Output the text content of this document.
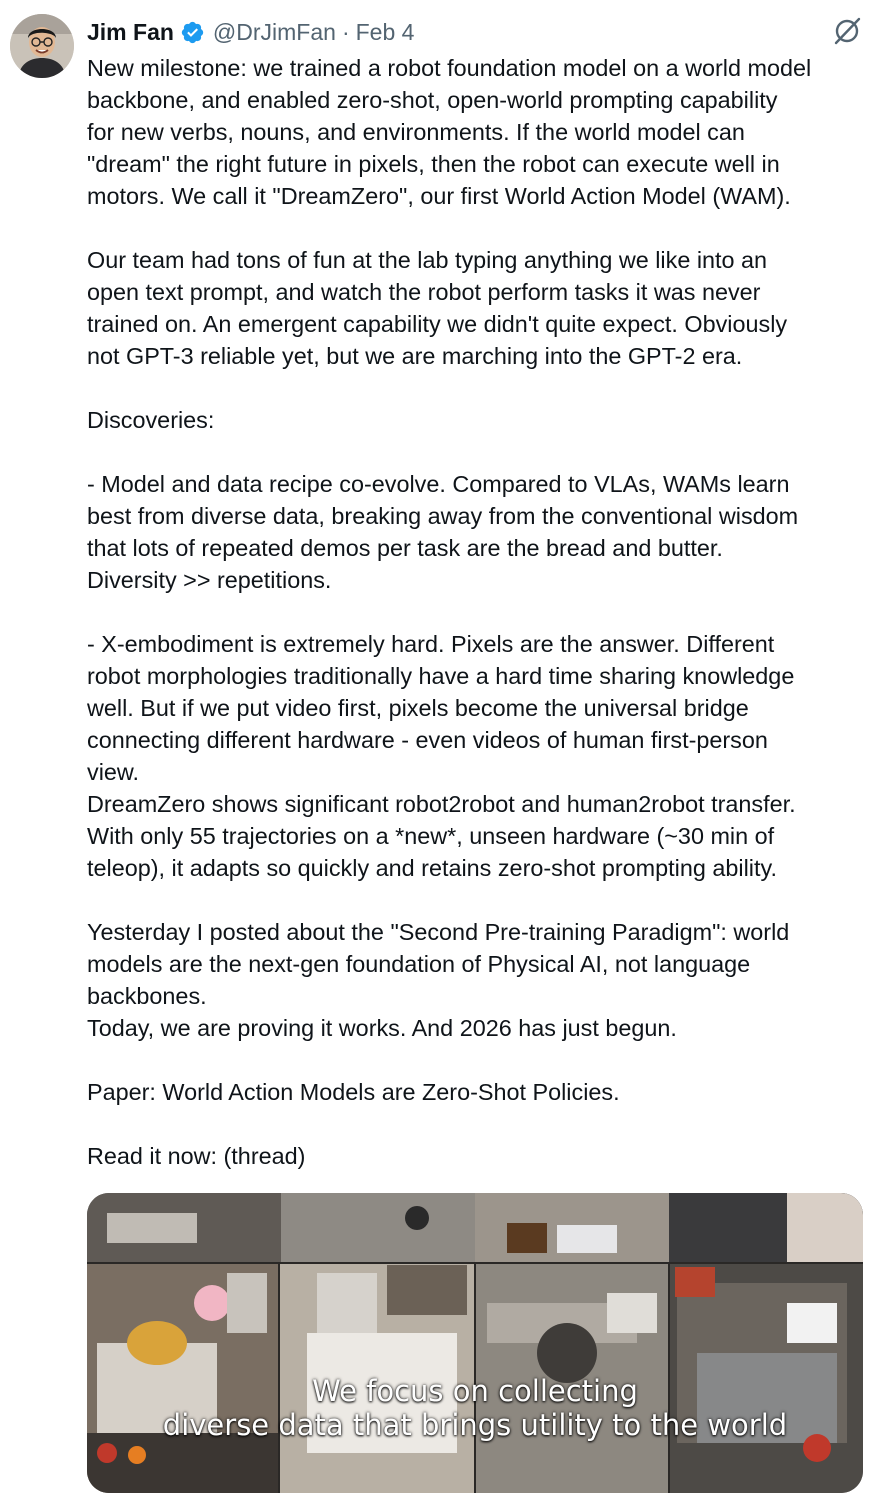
Jim Fan @DrJimFan · Feb 4

New milestone: we trained a robot foundation model on a world model

backbone, and enabled zero-shot, open-world prompting capability

for new verbs, nouns, and environments. If the world model can

"dream" the right future in pixels, then the robot can execute well in

motors. We call it "DreamZero", our first World Action Model (WAM).

Our team had tons of fun at the lab typing anything we like into an

open text prompt, and watch the robot perform tasks it was never

trained on. An emergent capability we didn't quite expect. Obviously

not GPT-3 reliable yet, but we are marching into the GPT-2 era.

Discoveries:

- Model and data recipe co-evolve. Compared to VLAs, WAMs learn

best from diverse data, breaking away from the conventional wisdom

that lots of repeated demos per task are the bread and butter.

Diversity >> repetitions.

- X-embodiment is extremely hard. Pixels are the answer. Different

robot morphologies traditionally have a hard time sharing knowledge

well. But if we put video first, pixels become the universal bridge

connecting different hardware - even videos of human first-person

view.

DreamZero shows significant robot2robot and human2robot transfer.

With only 55 trajectories on a *new*, unseen hardware (~30 min of

teleop), it adapts so quickly and retains zero-shot prompting ability.

Yesterday I posted about the "Second Pre-training Paradigm": world

models are the next-gen foundation of Physical AI, not language

backbones.

Today, we are proving it works. And 2026 has just begun.

Paper: World Action Models are Zero-Shot Policies.

Read it now: (thread)

We focus on collecting
diverse data that brings utility to the world
